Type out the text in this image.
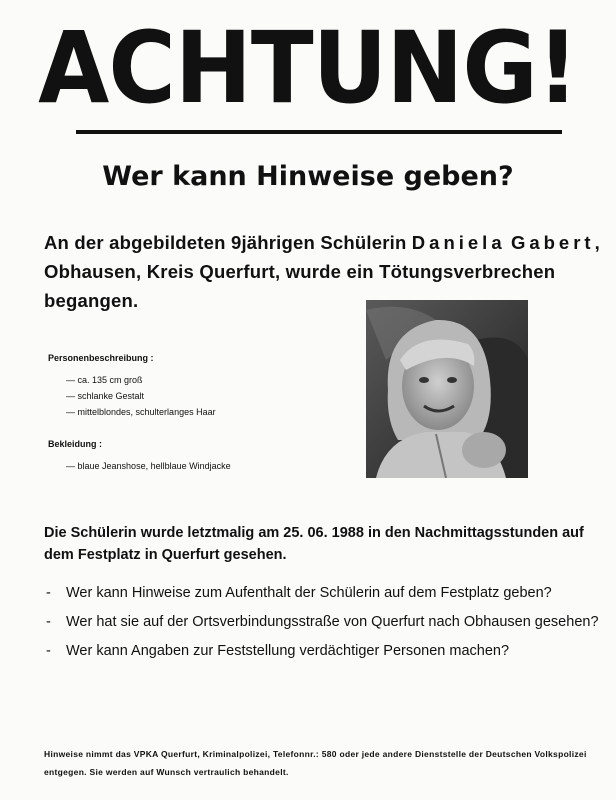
ACHTUNG!
Wer kann Hinweise geben?
An der abgebildeten 9jährigen Schülerin Daniela Gabert, Obhausen, Kreis Querfurt, wurde ein Tötungsverbrechen begangen.
Personenbeschreibung :
— ca. 135 cm groß
— schlanke Gestalt
— mittelblondes, schulterlanges Haar
Bekleidung :
— blaue Jeanshose, hellblaue Windjacke
Die Schülerin wurde letztmalig am 25. 06. 1988 in den Nachmittagsstunden auf dem Festplatz in Querfurt gesehen.
- Wer kann Hinweise zum Aufenthalt der Schülerin auf dem Festplatz geben?
- Wer hat sie auf der Ortsverbindungsstraße von Querfurt nach Obhausen gesehen?
- Wer kann Angaben zur Feststellung verdächtiger Personen machen?
Hinweise nimmt das VPKA Querfurt, Kriminalpolizei, Telefonnr.: 580 oder jede andere Dienststelle der Deutschen Volkspolizei entgegen. Sie werden auf Wunsch vertraulich behandelt.
